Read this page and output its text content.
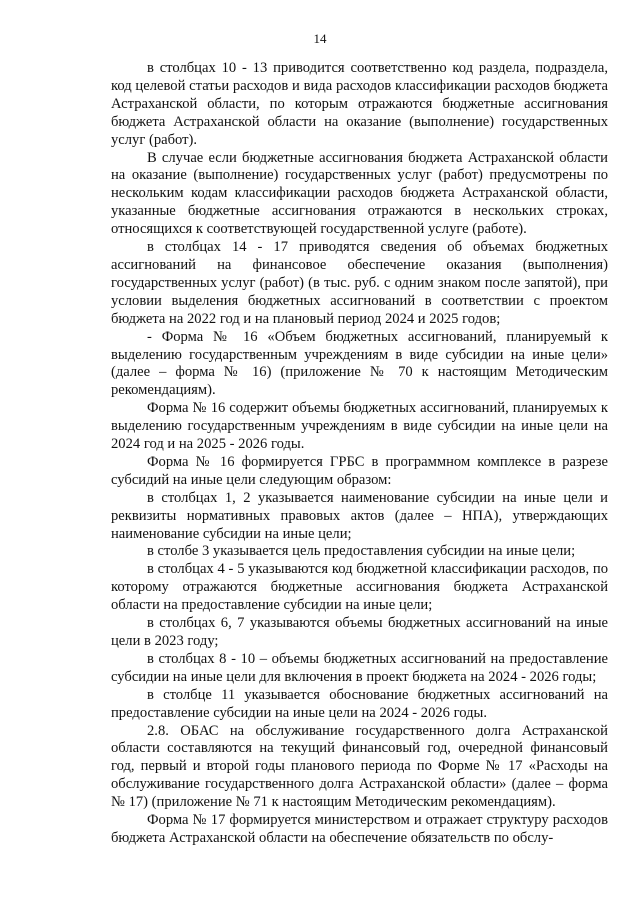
14

в столбцах 10 - 13 приводится соответственно код раздела, подраздела, код целевой статьи расходов и вида расходов классификации расходов бюджета Астраханской области, по которым отражаются бюджетные ассигнования бюджета Астраханской области на оказание (выполнение) государственных услуг (работ).

В случае если бюджетные ассигнования бюджета Астраханской области на оказание (выполнение) государственных услуг (работ) предусмотрены по нескольким кодам классификации расходов бюджета Астраханской области, указанные бюджетные ассигнования отражаются в нескольких строках, относящихся к соответствующей государственной услуге (работе).

в столбцах 14 - 17 приводятся сведения об объемах бюджетных ассигнований на финансовое обеспечение оказания (выполнения) государственных услуг (работ) (в тыс. руб. с одним знаком после запятой), при условии выделения бюджетных ассигнований в соответствии с проектом бюджета на 2022 год и на плановый период 2024 и 2025 годов;

- Форма № 16 «Объем бюджетных ассигнований, планируемый к выделению государственным учреждениям в виде субсидии на иные цели» (далее – форма № 16) (приложение № 70 к настоящим Методическим рекомендациям).

Форма № 16 содержит объемы бюджетных ассигнований, планируемых к выделению государственным учреждениям в виде субсидии на иные цели на 2024 год и на 2025 - 2026 годы.

Форма № 16 формируется ГРБС в программном комплексе в разрезе субсидий на иные цели следующим образом:

в столбцах 1, 2 указывается наименование субсидии на иные цели и реквизиты нормативных правовых актов (далее – НПА), утверждающих наименование субсидии на иные цели;

в столбе 3 указывается цель предоставления субсидии на иные цели;

в столбцах 4 - 5 указываются код бюджетной классификации расходов, по которому отражаются бюджетные ассигнования бюджета Астраханской области на предоставление субсидии на иные цели;

в столбцах 6, 7 указываются объемы бюджетных ассигнований на иные цели в 2023 году;

в столбцах 8 - 10 – объемы бюджетных ассигнований на предоставление субсидии на иные цели для включения в проект бюджета на 2024 - 2026 годы;

в столбце 11 указывается обоснование бюджетных ассигнований на предоставление субсидии на иные цели на 2024 - 2026 годы.

2.8. ОБАС на обслуживание государственного долга Астраханской области составляются на текущий финансовый год, очередной финансовый год, первый и второй годы планового периода по Форме № 17 «Расходы на обслуживание государственного долга Астраханской области» (далее – форма № 17) (приложение № 71 к настоящим Методическим рекомендациям).

Форма № 17 формируется министерством и отражает структуру расходов бюджета Астраханской области на обеспечение обязательств по обслу-
